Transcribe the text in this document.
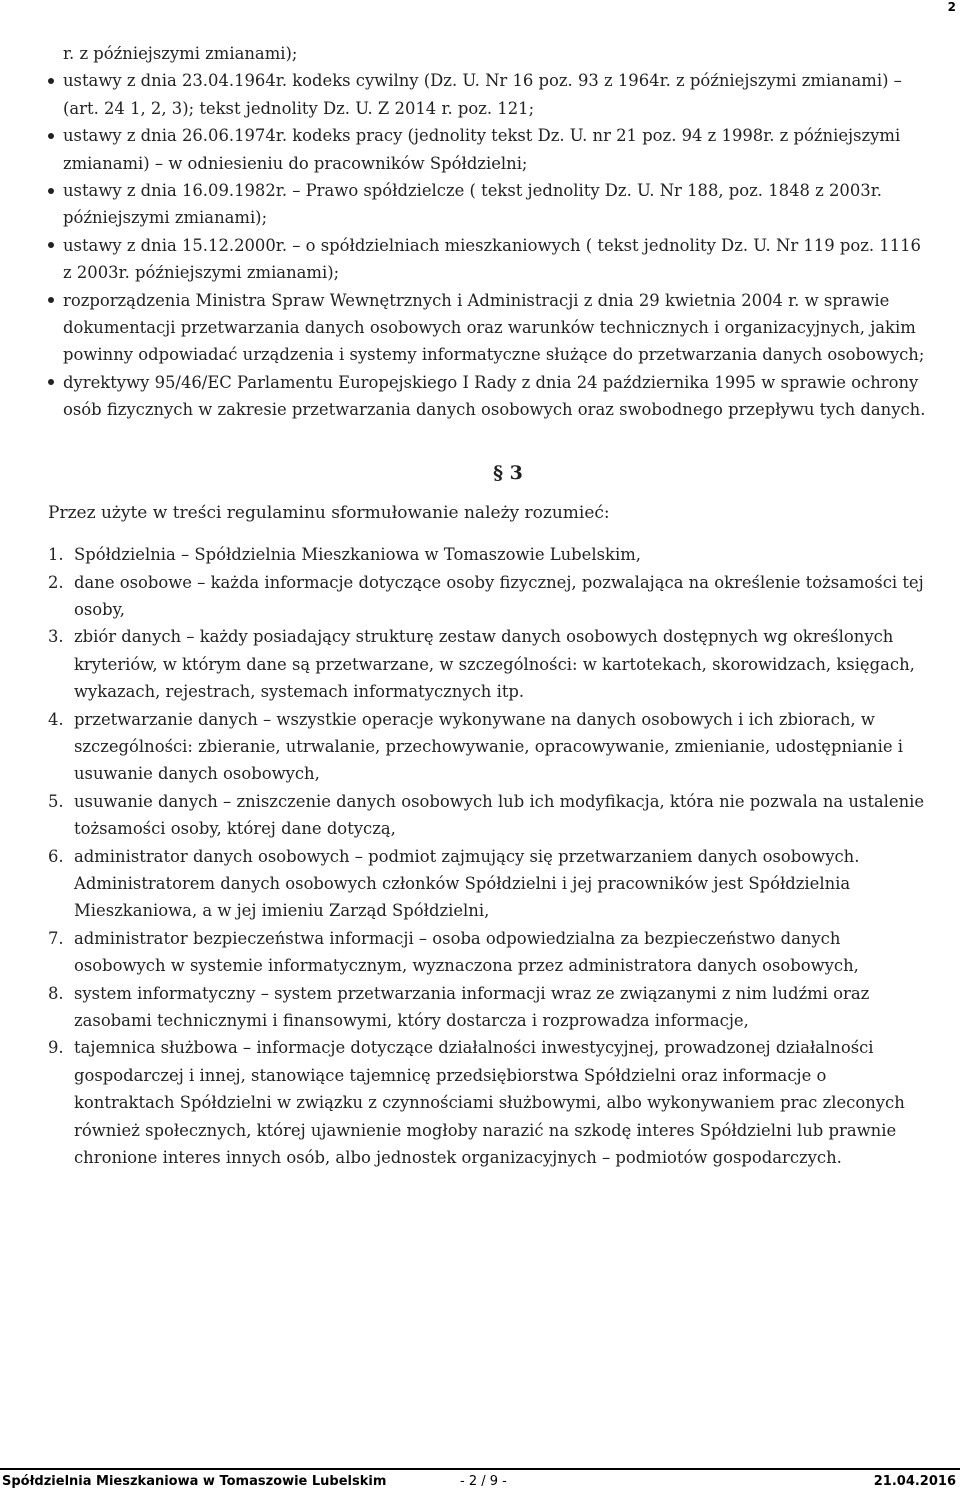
2

r. z późniejszymi zmianami);

ustawy z dnia 23.04.1964r. kodeks cywilny (Dz. U. Nr 16 poz. 93 z 1964r. z późniejszymi zmianami) – (art. 24 1, 2, 3); tekst jednolity Dz. U. Z 2014 r. poz. 121;
ustawy z dnia 26.06.1974r. kodeks pracy (jednolity tekst Dz. U. nr 21 poz. 94 z 1998r. z późniejszymi zmianami) – w odniesieniu do pracowników Spółdzielni;
ustawy z dnia 16.09.1982r. – Prawo spółdzielcze ( tekst jednolity Dz. U. Nr 188, poz. 1848 z 2003r. późniejszymi zmianami);
ustawy z dnia 15.12.2000r. – o spółdzielniach mieszkaniowych ( tekst jednolity Dz. U. Nr 119 poz. 1116 z 2003r. późniejszymi zmianami);
rozporządzenia Ministra Spraw Wewnętrznych i Administracji z dnia 29 kwietnia 2004 r. w sprawie dokumentacji przetwarzania danych osobowych oraz warunków technicznych i organizacyjnych, jakim powinny odpowiadać urządzenia i systemy informatyczne służące do przetwarzania danych osobowych;
dyrektywy 95/46/EC Parlamentu Europejskiego I Rady z dnia 24 października 1995 w sprawie ochrony osób fizycznych w zakresie przetwarzania danych osobowych oraz swobodnego przepływu tych danych.
§ 3

Przez użyte w treści regulaminu sformułowanie należy rozumieć:

1. Spółdzielnia – Spółdzielnia Mieszkaniowa w Tomaszowie Lubelskim,
2. dane osobowe – każda informacje dotyczące osoby fizycznej, pozwalająca na określenie tożsamości tej osoby,
3. zbiór danych – każdy posiadający strukturę zestaw danych osobowych dostępnych wg określonych kryteriów, w którym dane są przetwarzane, w szczególności: w kartotekach, skorowidzach, księgach, wykazach, rejestrach, systemach informatycznych itp.
4. przetwarzanie danych – wszystkie operacje wykonywane na danych osobowych i ich zbiorach, w szczególności: zbieranie, utrwalanie, przechowywanie, opracowywanie, zmienianie, udostępnianie i usuwanie danych osobowych,
5. usuwanie danych – zniszczenie danych osobowych lub ich modyfikacja, która nie pozwala na ustalenie tożsamości osoby, której dane dotyczą,
6. administrator danych osobowych – podmiot zajmujący się przetwarzaniem danych osobowych. Administratorem danych osobowych członków Spółdzielni i jej pracowników jest Spółdzielnia Mieszkaniowa, a w jej imieniu Zarząd Spółdzielni,
7. administrator bezpieczeństwa informacji – osoba odpowiedzialna za bezpieczeństwo danych osobowych w systemie informatycznym, wyznaczona przez administratora danych osobowych,
8. system informatyczny – system przetwarzania informacji wraz ze związanymi z nim ludźmi oraz zasobami technicznymi i finansowymi, który dostarcza i rozprowadza informacje,
9. tajemnica służbowa – informacje dotyczące działalności inwestycyjnej, prowadzonej działalności gospodarczej i innej, stanowiące tajemnicę przedsiębiorstwa Spółdzielni oraz informacje o kontraktach Spółdzielni w związku z czynnościami służbowymi, albo wykonywaniem prac zleconych również społecznych, której ujawnienie mogłoby narazić na szkodę interes Spółdzielni lub prawnie chronione interes innych osób, albo jednostek organizacyjnych – podmiotów gospodarczych.
Spółdzielnia Mieszkaniowa w Tomaszowie Lubelskim	- 2 / 9 -	21.04.2016
